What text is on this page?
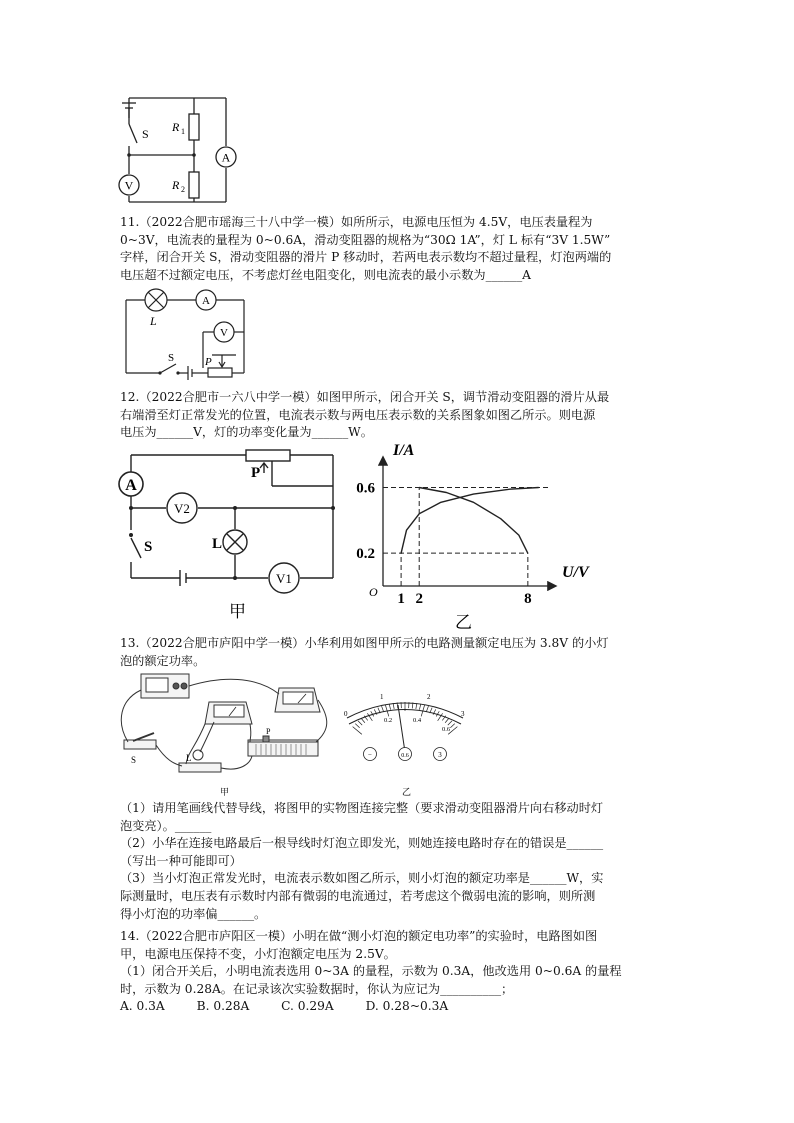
A
V
S R 1
R 2
11.（2022合肥市瑶海三十八中学一模）如所所示，电源电压恒为 4.5V，电压表量程为
0~3V，电流表的量程为 0~0.6A，滑动变阻器的规格为“30Ω 1A”，灯 L 标有“3V 1.5W”
字样，闭合开关 S，滑动变阻器的滑片 P 移动时，若两电表示数均不超过量程，灯泡两端的
电压超不过额定电压，不考虑灯丝电阻变化，则电流表的最小示数为______A
A
V
L
S	P
12.（2022合肥市一六八中学一模）如图甲所示，闭合开关 S，调节滑动变阻器的滑片从最
右端滑至灯正常发光的位置，电流表示数与两电压表示数的关系图象如图乙所示。则电源
电压为______V，灯的功率变化量为______W。
A
V2
V1
L
S
P
甲
1 2	8
0.2
0.6
I/A
U/V
O
乙
13.（2022合肥市庐阳中学一模）小华利用如图甲所示的电路测量额定电压为 3.8V 的小灯
泡的额定功率。
S	L
P
甲
0
1	2
3
0.2	0.4
0.6
−	0.6	3
乙
（1）请用笔画线代替导线，将图甲的实物图连接完整（要求滑动变阻器滑片向右移动时灯
泡变亮）。______
（2）小华在连接电路最后一根导线时灯泡立即发光，则她连接电路时存在的错误是______
（写出一种可能即可）
（3）当小灯泡正常发光时，电流表示数如图乙所示，则小灯泡的额定功率是______W，实
际测量时，电压表有示数时内部有微弱的电流通过，若考虑这个微弱电流的影响，则所测
得小灯泡的功率偏______。
14.（2022合肥市庐阳区一模）小明在做“测小灯泡的额定电功率”的实验时，电路图如图
甲，电源电压保持不变，小灯泡额定电压为 2.5V。
（1）闭合开关后，小明电流表选用 0~3A 的量程，示数为 0.3A，他改选用 0~0.6A 的量程
时，示数为 0.28A。在记录该次实验数据时，你认为应记为__________；
A. 0.3A	B. 0.28A	C. 0.29A	D. 0.28~0.3A
